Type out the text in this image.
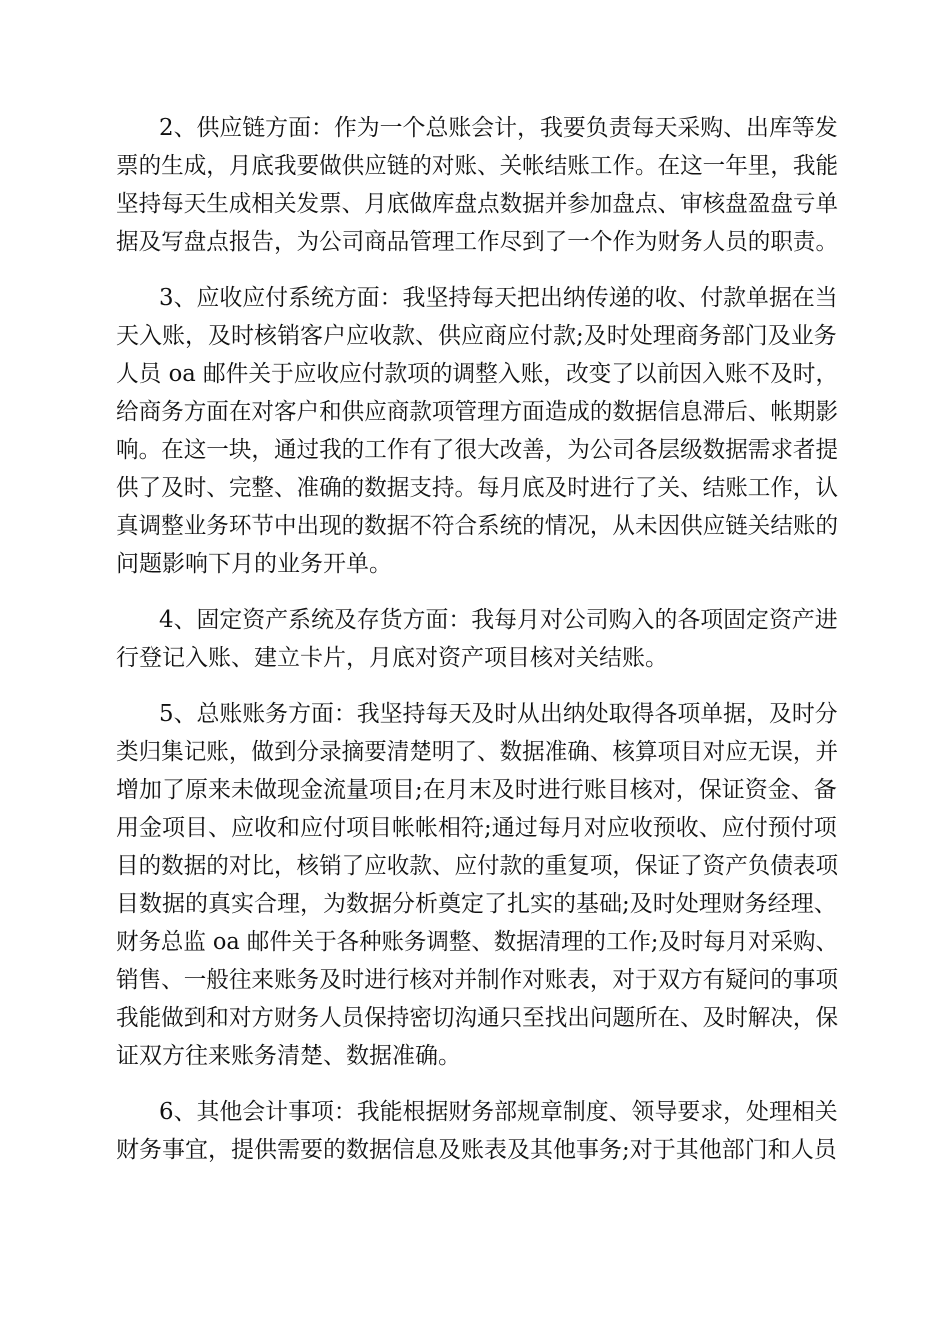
2、供应链方面：作为一个总账会计，我要负责每天采购、出库等发
票的生成，月底我要做供应链的对账、关帐结账工作。在这一年里，我能
坚持每天生成相关发票、月底做库盘点数据并参加盘点、审核盘盈盘亏单
据及写盘点报告，为公司商品管理工作尽到了一个作为财务人员的职责。
3、应收应付系统方面：我坚持每天把出纳传递的收、付款单据在当
天入账，及时核销客户应收款、供应商应付款;及时处理商务部门及业务
人员 oa 邮件关于应收应付款项的调整入账，改变了以前因入账不及时，
给商务方面在对客户和供应商款项管理方面造成的数据信息滞后、帐期影
响。在这一块，通过我的工作有了很大改善，为公司各层级数据需求者提
供了及时、完整、准确的数据支持。每月底及时进行了关、结账工作，认
真调整业务环节中出现的数据不符合系统的情况，从未因供应链关结账的
问题影响下月的业务开单。
4、固定资产系统及存货方面：我每月对公司购入的各项固定资产进
行登记入账、建立卡片，月底对资产项目核对关结账。
5、总账账务方面：我坚持每天及时从出纳处取得各项单据，及时分
类归集记账，做到分录摘要清楚明了、数据准确、核算项目对应无误，并
增加了原来未做现金流量项目;在月末及时进行账目核对，保证资金、备
用金项目、应收和应付项目帐帐相符;通过每月对应收预收、应付预付项
目的数据的对比，核销了应收款、应付款的重复项，保证了资产负债表项
目数据的真实合理，为数据分析奠定了扎实的基础;及时处理财务经理、
财务总监 oa 邮件关于各种账务调整、数据清理的工作;及时每月对采购、
销售、一般往来账务及时进行核对并制作对账表，对于双方有疑问的事项
我能做到和对方财务人员保持密切沟通只至找出问题所在、及时解决，保
证双方往来账务清楚、数据准确。
6、其他会计事项：我能根据财务部规章制度、领导要求，处理相关
财务事宜，提供需要的数据信息及账表及其他事务;对于其他部门和人员
